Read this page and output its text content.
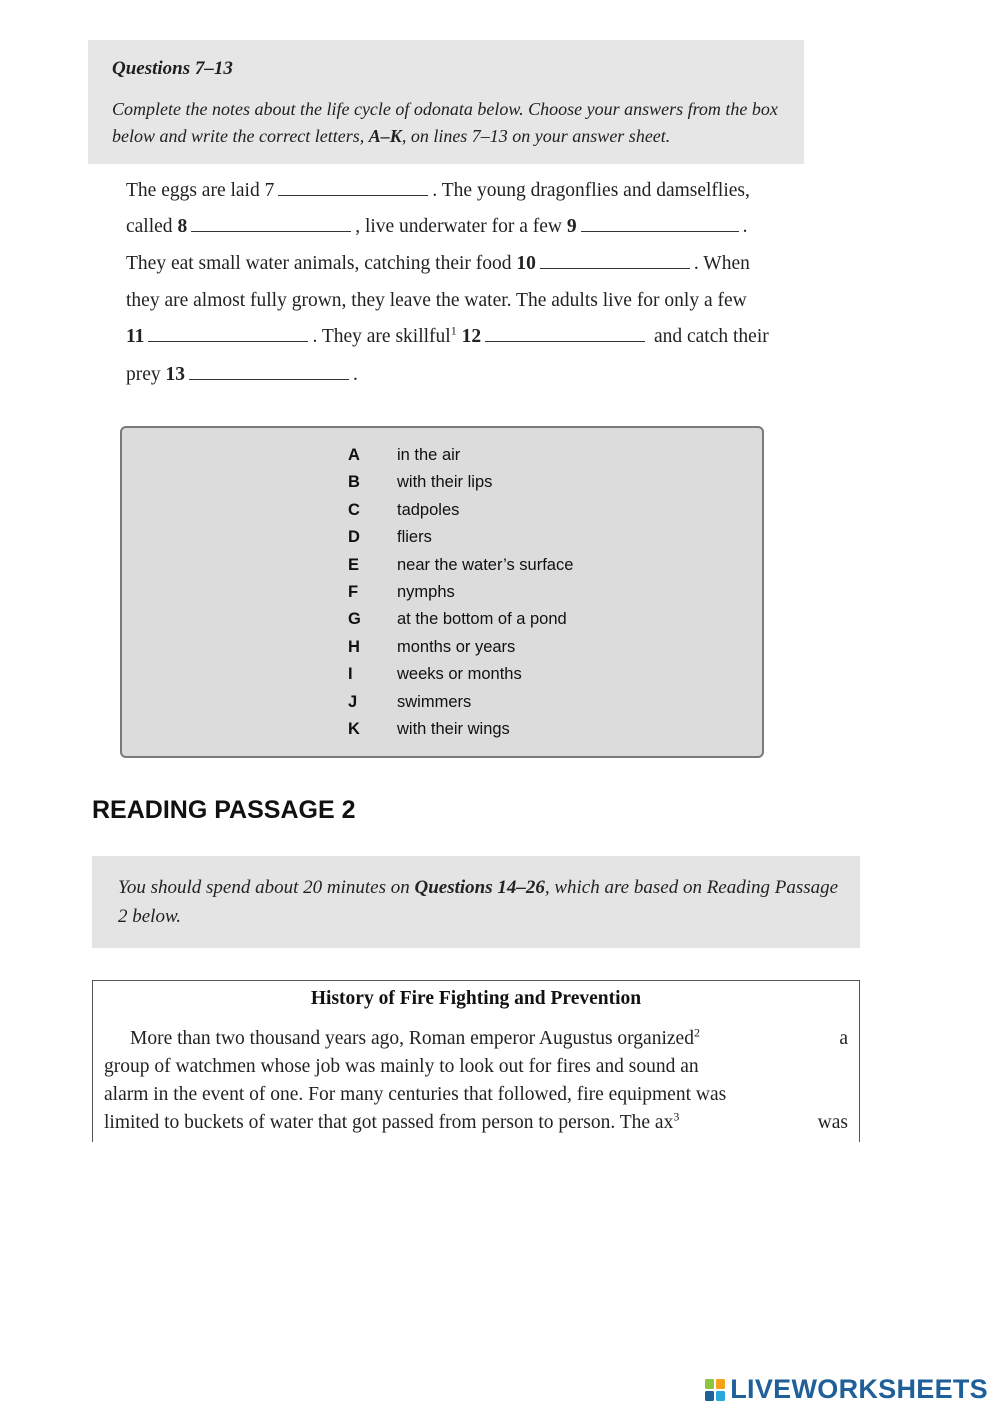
Questions 7–13
Complete the notes about the life cycle of odonata below. Choose your answers from the box below and write the correct letters, A–K, on lines 7–13 on your answer sheet.
The eggs are laid 7	. The young dragonflies and damselflies,
called 8	, live underwater for a few 9	.
They eat small water animals, catching their food 10	. When
they are almost fully grown, they leave the water. The adults live for only a few
11	. They are skillful$^1$ 12	and catch their
prey 13	.
A	in the air
B	with their lips
C	tadpoles
D	fliers
E	near the water’s surface
F	nymphs
G	at the bottom of a pond
H	months or years
I	weeks or months
J	swimmers
K	with their wings
READING PASSAGE 2
You should spend about 20 minutes on Questions 14–26, which are based on Reading Passage 2 below.
History of Fire Fighting and Prevention
More than two thousand years ago, Roman emperor Augustus organized$^2$	a
group of watchmen whose job was mainly to look out for fires and sound an
alarm in the event of one. For many centuries that followed, fire equipment was
limited to buckets of water that got passed from person to person. The $ax^3$	was
LIVEWORKSHEETS
